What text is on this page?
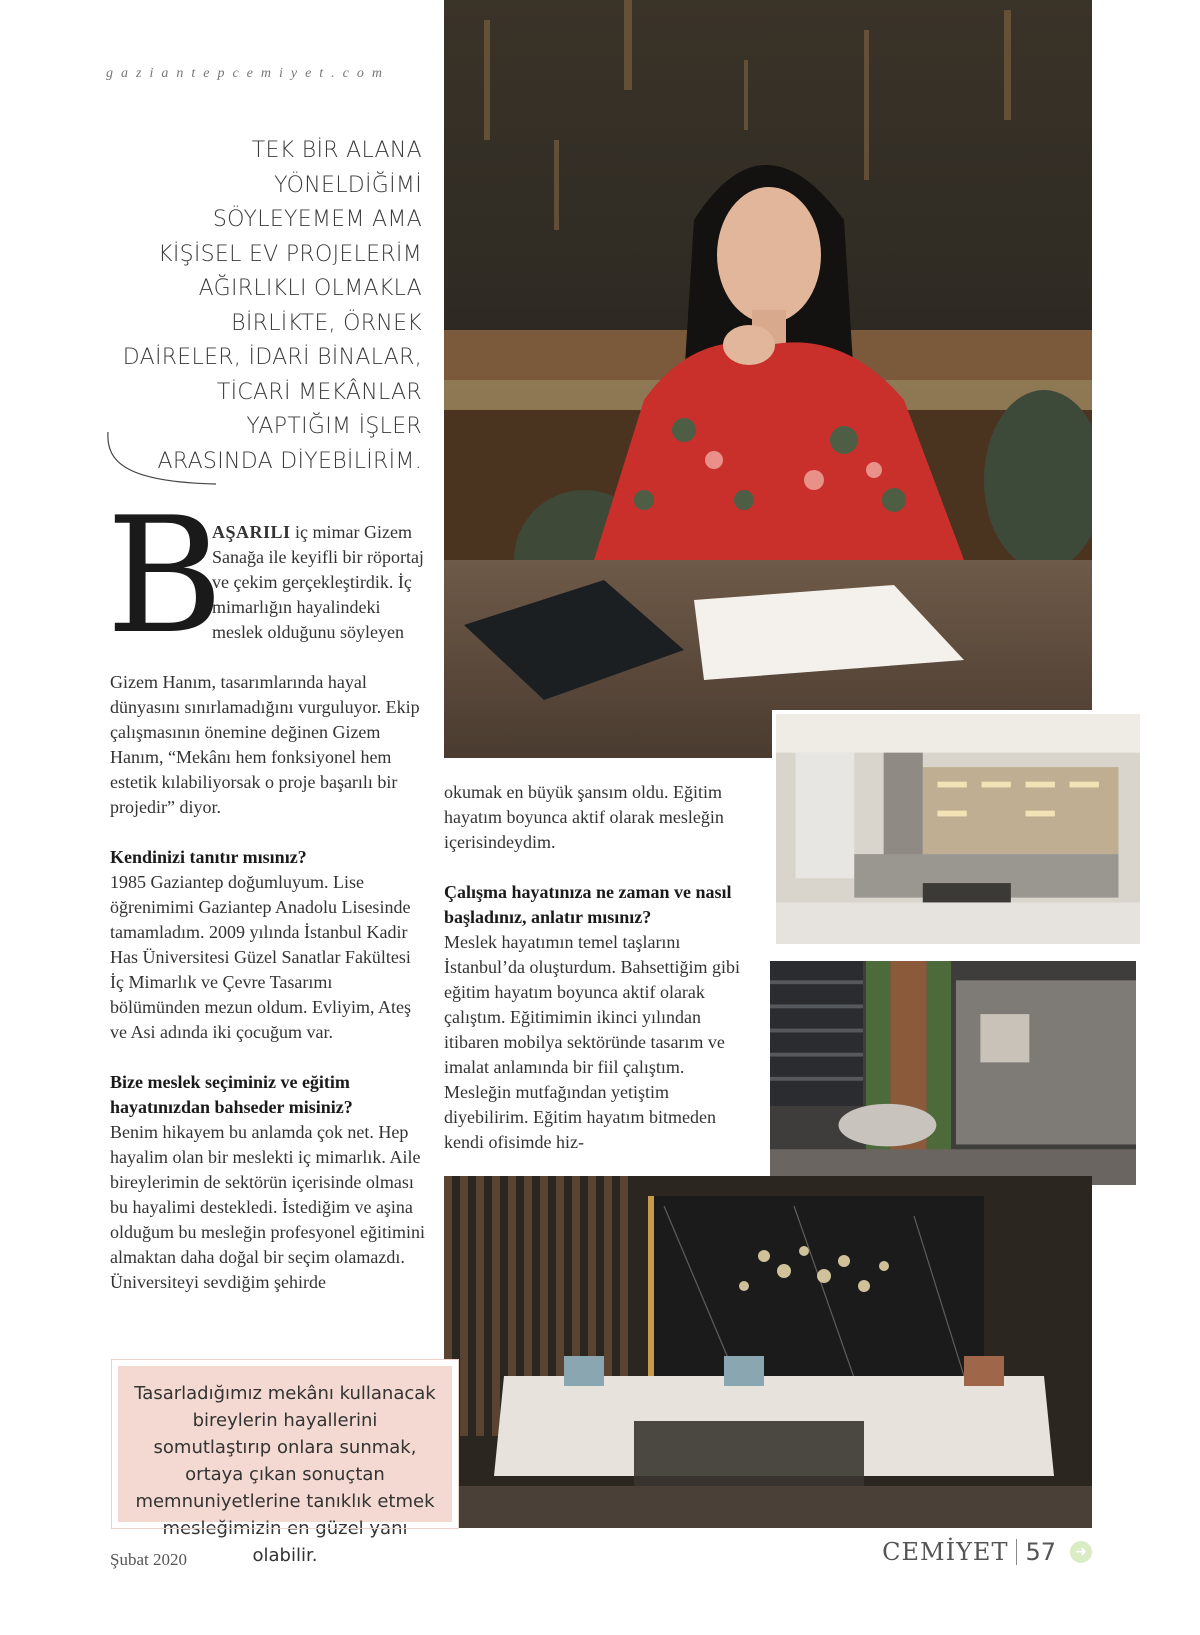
gaziantepcemiyet.com
TEK BİR ALANA
YÖNELDİĞİMİ
SÖYLEYEMEM AMA
KİŞİSEL EV PROJELERİM
AĞIRLIKLI OLMAKLA
BİRLİKTE, ÖRNEK
DAİRELER, İDARİ BİNALAR,
TİCARİ MEKÂNLAR
YAPTIĞIM İŞLER
ARASINDA DİYEBİLİRİM.
B
AŞARILI iç mimar Gizem Sanağa ile keyifli bir röportaj ve çekim gerçekleştirdik. İç mimarlığın hayalindeki meslek olduğunu söyleyen

Gizem Hanım, tasarımlarında hayal dünyasını sınırlamadığını vurguluyor. Ekip çalışmasının önemine değinen Gizem Hanım, “Mekânı hem fonksiyonel hem estetik kılabiliyorsak o proje başarılı bir projedir” diyor.

Kendinizi tanıtır mısınız?

1985 Gaziantep doğumluyum. Lise öğrenimimi Gaziantep Anadolu Lisesinde tamamladım. 2009 yılında İstanbul Kadir Has Üniversitesi Güzel Sanatlar Fakültesi İç Mimarlık ve Çevre Tasarımı bölümünden mezun oldum. Evliyim, Ateş ve Asi adında iki çocuğum var.

Bize meslek seçiminiz ve eğitim hayatınızdan bahseder misiniz?

Benim hikayem bu anlamda çok net. Hep hayalim olan bir meslekti iç mimarlık. Aile bireylerimin de sektörün içerisinde olması bu hayalimi destekledi. İstediğim ve aşina olduğum bu mesleğin profesyonel eğitimini almaktan daha doğal bir seçim olamazdı. Üniversiteyi sevdiğim şehirde

okumak en büyük şansım oldu. Eğitim hayatım boyunca aktif olarak mesleğin içerisindeydim.

Çalışma hayatınıza ne zaman ve nasıl başladınız, anlatır mısınız?

Meslek hayatımın temel taşlarını İstanbul’da oluşturdum. Bahsettiğim gibi eğitim hayatım boyunca aktif olarak çalıştım. Eğitimimin ikinci yılından itibaren mobilya sektöründe tasarım ve imalat anlamında bir fiil çalıştım. Mesleğin mutfağından yetiştim diyebilirim. Eğitim hayatım bitmeden kendi ofisimde hiz-

Tasarladığımız mekânı kullanacak bireylerin hayallerini somutlaştırıp onlara sunmak, ortaya çıkan sonuçtan memnuniyetlerine tanıklık etmek mesleğimizin en güzel yanı olabilir.
Şubat 2020	CEMİYET 57	➜
